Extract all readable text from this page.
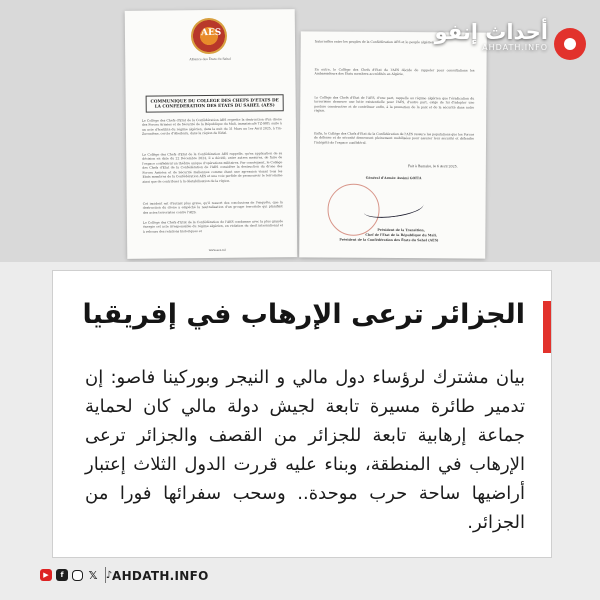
AES
Alliance des États du Sahel
COMMUNIQUE DU COLLEGE DES CHEFS D'ETATS DE LA CONFEDERATION DES ETATS DU SAHEL (AES)
Le Collège des Chefs d'Etat de la Confédération AES regrette la destruction d'un drone des Forces Armées et de Sécurité de la République du Mali, immatriculé TZ-98D, suite à un acte d'hostilité du régime algérien, dans la nuit du 31 Mars au 1er Avril 2025, à Tin-Zaouatène, cercle d'Abeibara, dans la région de Kidal.
Le Collège des Chefs d'Etat de la Confédération AES rappelle, qu'en application de sa décision en date du 22 Décembre 2024, il a décidé, entre autres mesures, de faire de l'espace confédéral un théâtre unique d'opérations militaires. Par conséquent, le Collège des Chefs d'Etat de la Confédération de l'AES considère la destruction du drone des Forces Armées et de Sécurité maliennes comme étant une agression visant tous les Etats membres de la Confédération AES et une voie perfide de promouvoir le terrorisme ainsi que de contribuer à la déstabilisation de la région.
Cet incident est d'autant plus grave, qu'il ressort des conclusions de l'enquête, que la destruction du drone a empêché la neutralisation d'un groupe terroriste qui planifiait des actes terroristes contre l'AES.
Le Collège des Chefs d'Etat de la Confédération de l'AES condamne avec la plus grande énergie cet acte irresponsable du régime algérien, en violation du droit international et à rebours des relations historiques et
www.aes.ml
fraternelles entre les peuples de la Confédération AES et le peuple algérien.
En outre, le Collège des Chefs d'Etat de l'AES décide de rappeler pour consultations les Ambassadeurs des États membres accrédités en Algérie.
Le Collège des Chefs d'Etat de l'AES, d'une part, rappelle au régime algérien que l'éradication du terrorisme demeure une lutte existentielle pour l'AES, d'autre part, exige de lui d'adopter une posture constructive et de contribuer enfin, à la promotion de la paix et de la sécurité dans notre région.
Enfin, le Collège des Chefs d'Etat de la Confédération de l'AES rassure les populations que les Forces de défense et de sécurité demeurent pleinement mobilisées pour assurer leur sécurité et défendre l'intégrité de l'espace confédéral.
Fait à Bamako, le 6 Avril 2025.
Général d'Armée Assimi GOITA
Président de la Transition,
Chef de l'Etat de la République du Mali,
Président de la Confédération des États du Sahel (AES)
أحداث إنفو
AHDATH.INFO
الجزائر ترعى الإرهاب في إفريقيا
بيان مشترك لرؤساء دول مالي و النيجر وبوركينا فاصو: إن تدمير طائرة مسيرة تابعة لجيش دولة مالي كان لحماية جماعة إرهابية تابعة للجزائر من القصف والجزائر ترعى الإرهاب في المنطقة، وبناء عليه قررت الدول الثلاث إعتبار أراضيها ساحة حرب موحدة.. وسحب سفرائها فورا من الجزائر.
▶	f	𝕏 ♪ AHDATH.INFO
